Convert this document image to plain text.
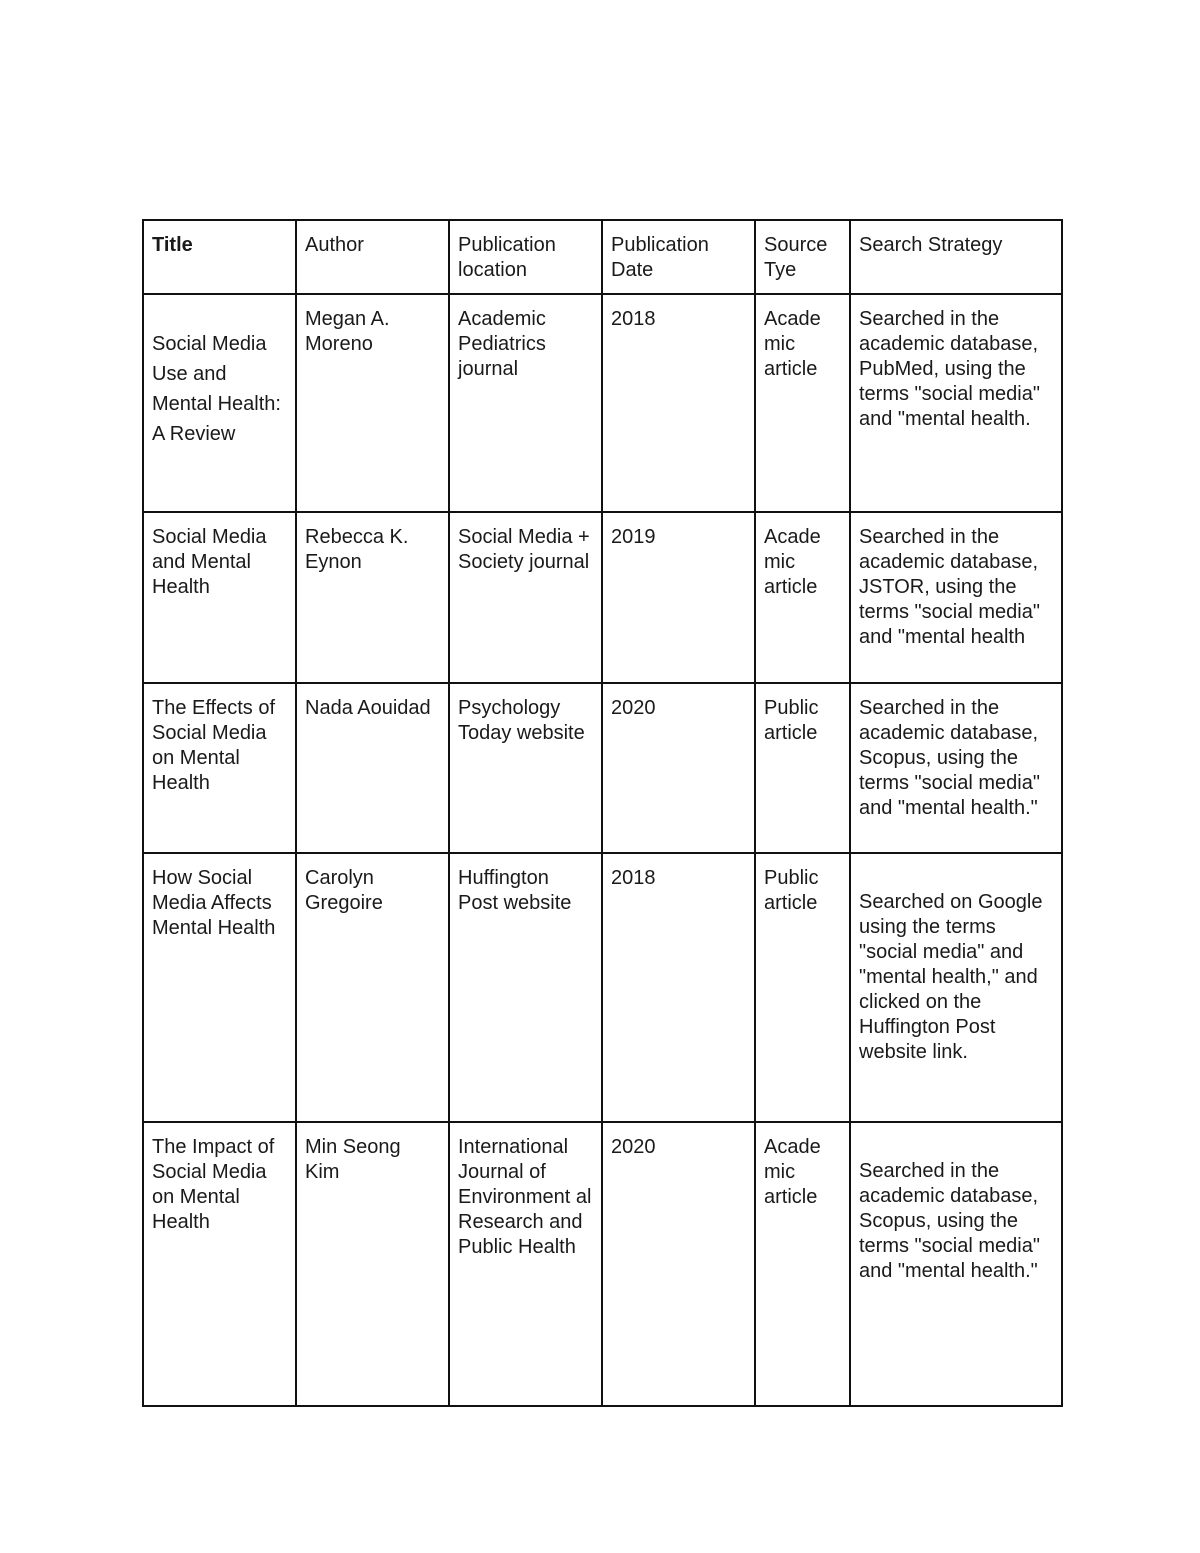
Title	Author	Publication location	Publication Date	Source Tye	Search Strategy
Social Media Use and Mental Health: A Review	Megan A. Moreno	Academic Pediatrics journal	2018	Acade mic article	Searched in the academic database, PubMed, using the terms "social media" and "mental health.
Social Media and Mental Health	Rebecca K. Eynon	Social Media + Society journal	2019	Acade mic article	Searched in the academic database, JSTOR, using the terms "social media" and "mental health
The Effects of Social Media on Mental Health	Nada Aouidad	Psychology Today website	2020	Public article	Searched in the academic database, Scopus, using the terms "social media" and "mental health."
How Social Media Affects Mental Health	Carolyn Gregoire	Huffington Post website	2018	Public article	Searched on Google using the terms "social media" and "mental health," and clicked on the Huffington Post website link.
The Impact of Social Media on Mental Health	Min Seong Kim	International Journal of Environment al Research and Public Health	2020	Acade mic article	Searched in the academic database, Scopus, using the terms "social media" and "mental health."
